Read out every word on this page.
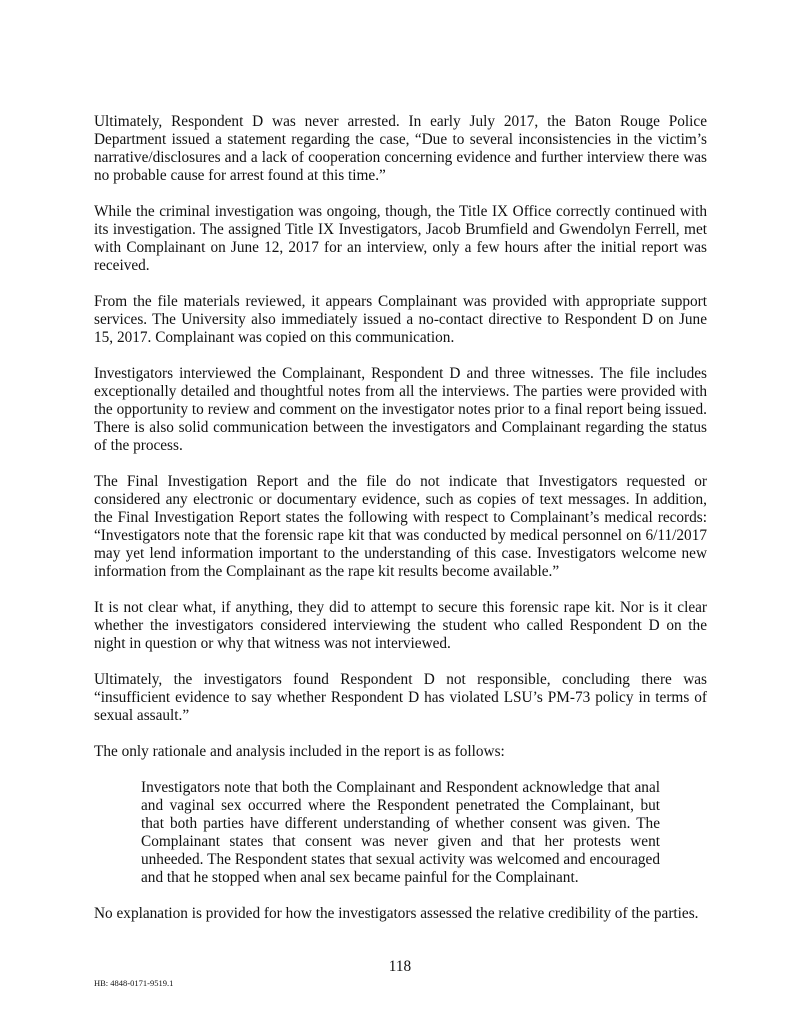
Ultimately, Respondent D was never arrested. In early July 2017, the Baton Rouge Police Department issued a statement regarding the case, “Due to several inconsistencies in the victim’s narrative/disclosures and a lack of cooperation concerning evidence and further interview there was no probable cause for arrest found at this time.”

While the criminal investigation was ongoing, though, the Title IX Office correctly continued with its investigation. The assigned Title IX Investigators, Jacob Brumfield and Gwendolyn Ferrell, met with Complainant on June 12, 2017 for an interview, only a few hours after the initial report was received.

From the file materials reviewed, it appears Complainant was provided with appropriate support services. The University also immediately issued a no-contact directive to Respondent D on June 15, 2017. Complainant was copied on this communication.

Investigators interviewed the Complainant, Respondent D and three witnesses. The file includes exceptionally detailed and thoughtful notes from all the interviews. The parties were provided with the opportunity to review and comment on the investigator notes prior to a final report being issued. There is also solid communication between the investigators and Complainant regarding the status of the process.

The Final Investigation Report and the file do not indicate that Investigators requested or considered any electronic or documentary evidence, such as copies of text messages. In addition, the Final Investigation Report states the following with respect to Complainant’s medical records: “Investigators note that the forensic rape kit that was conducted by medical personnel on 6/11/2017 may yet lend information important to the understanding of this case. Investigators welcome new information from the Complainant as the rape kit results become available.”

It is not clear what, if anything, they did to attempt to secure this forensic rape kit. Nor is it clear whether the investigators considered interviewing the student who called Respondent D on the night in question or why that witness was not interviewed.

Ultimately, the investigators found Respondent D not responsible, concluding there was “insufficient evidence to say whether Respondent D has violated LSU’s PM-73 policy in terms of sexual assault.”

The only rationale and analysis included in the report is as follows:

Investigators note that both the Complainant and Respondent acknowledge that anal and vaginal sex occurred where the Respondent penetrated the Complainant, but that both parties have different understanding of whether consent was given. The Complainant states that consent was never given and that her protests went unheeded. The Respondent states that sexual activity was welcomed and encouraged and that he stopped when anal sex became painful for the Complainant.

No explanation is provided for how the investigators assessed the relative credibility of the parties.

118
HB: 4848-0171-9519.1
